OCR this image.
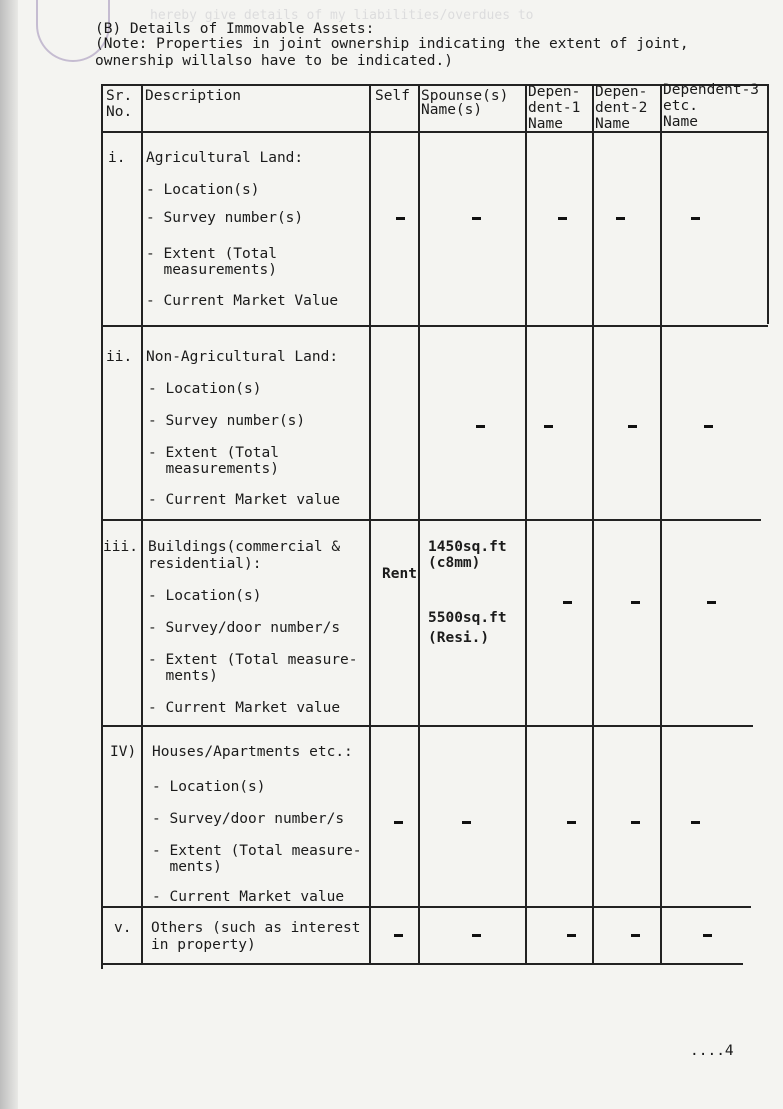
hereby give details of my liabilities/overdues to
(B) Details of Immovable Assets:
(Note: Properties in joint ownership indicating the extent of joint,
ownership willalso have to be indicated.)
Sr.
No.
Description	Self Spounse(s)
Name(s)
Depen-
dent-1
Name
Depen-
dent-2
Name
Dependent-3
etc.
Name
i. Agricultural Land:
- Location(s)
- Survey number(s)
- Extent (Total
measurements)
- Current Market Value
ii. Non-Agricultural Land:
- Location(s)
- Survey number(s)
- Extent (Total
measurements)
- Current Market value
iii. Buildings(commercial &
residential):
- Location(s)
- Survey/door number/s
- Extent (Total measure-
ments)
- Current Market value
Rent
1450sq.ft
(c8mm)
5500sq.ft
(Resi.)
IV) Houses/Apartments etc.:
- Location(s)
- Survey/door number/s
- Extent (Total measure-
ments)
- Current Market value
v. Others (such as interest
in property)
....4
